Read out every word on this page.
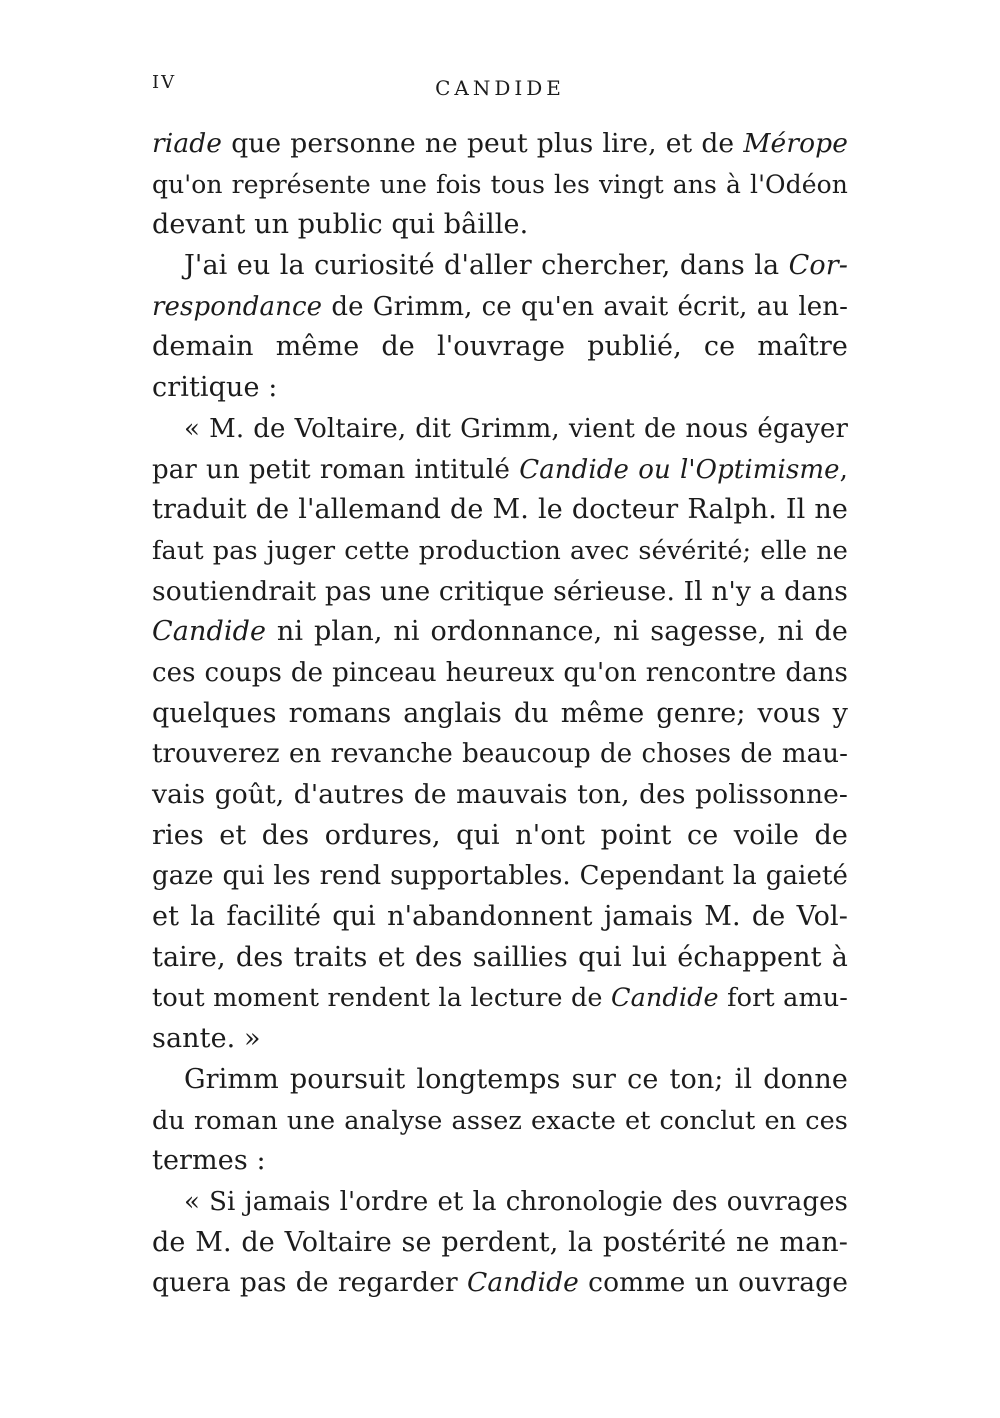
IV	CANDIDE
riade que personne ne peut plus lire, et de Mérope
qu'on représente une fois tous les vingt ans à l'Odéon
devant un public qui bâille.
J'ai eu la curiosité d'aller chercher, dans la Cor-
respondance de Grimm, ce qu'en avait écrit, au len-
demain même de l'ouvrage publié, ce maître
critique :
« M. de Voltaire, dit Grimm, vient de nous égayer
par un petit roman intitulé Candide ou l'Optimisme,
traduit de l'allemand de M. le docteur Ralph. Il ne
faut pas juger cette production avec sévérité; elle ne
soutiendrait pas une critique sérieuse. Il n'y a dans
Candide ni plan, ni ordonnance, ni sagesse, ni de
ces coups de pinceau heureux qu'on rencontre dans
quelques romans anglais du même genre; vous y
trouverez en revanche beaucoup de choses de mau-
vais goût, d'autres de mauvais ton, des polissonne-
ries et des ordures, qui n'ont point ce voile de
gaze qui les rend supportables. Cependant la gaieté
et la facilité qui n'abandonnent jamais M. de Vol-
taire, des traits et des saillies qui lui échappent à
tout moment rendent la lecture de Candide fort amu-
sante. »
Grimm poursuit longtemps sur ce ton; il donne
du roman une analyse assez exacte et conclut en ces
termes :
« Si jamais l'ordre et la chronologie des ouvrages
de M. de Voltaire se perdent, la postérité ne man-
quera pas de regarder Candide comme un ouvrage
